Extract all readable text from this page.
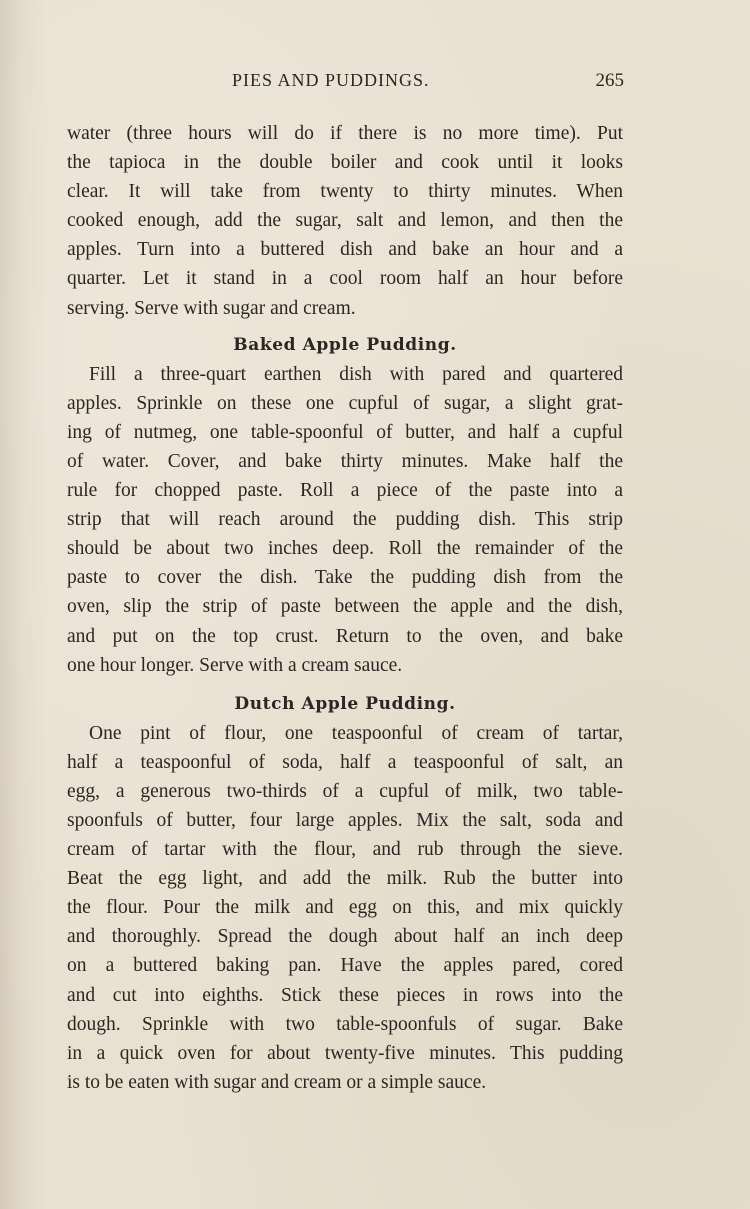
PIES AND PUDDINGS.	265
water (three hours will do if there is no more time). Put
the tapioca in the double boiler and cook until it looks
clear. It will take from twenty to thirty minutes. When
cooked enough, add the sugar, salt and lemon, and then the
apples. Turn into a buttered dish and bake an hour and a
quarter. Let it stand in a cool room half an hour before
serving. Serve with sugar and cream.
Baked Apple Pudding.
Fill a three-quart earthen dish with pared and quartered
apples. Sprinkle on these one cupful of sugar, a slight grat-
ing of nutmeg, one table-spoonful of butter, and half a cupful
of water. Cover, and bake thirty minutes. Make half the
rule for chopped paste. Roll a piece of the paste into a
strip that will reach around the pudding dish. This strip
should be about two inches deep. Roll the remainder of the
paste to cover the dish. Take the pudding dish from the
oven, slip the strip of paste between the apple and the dish,
and put on the top crust. Return to the oven, and bake
one hour longer. Serve with a cream sauce.
Dutch Apple Pudding.
One pint of flour, one teaspoonful of cream of tartar,
half a teaspoonful of soda, half a teaspoonful of salt, an
egg, a generous two-thirds of a cupful of milk, two table-
spoonfuls of butter, four large apples. Mix the salt, soda and
cream of tartar with the flour, and rub through the sieve.
Beat the egg light, and add the milk. Rub the butter into
the flour. Pour the milk and egg on this, and mix quickly
and thoroughly. Spread the dough about half an inch deep
on a buttered baking pan. Have the apples pared, cored
and cut into eighths. Stick these pieces in rows into the
dough. Sprinkle with two table-spoonfuls of sugar. Bake
in a quick oven for about twenty-five minutes. This pudding
is to be eaten with sugar and cream or a simple sauce.
